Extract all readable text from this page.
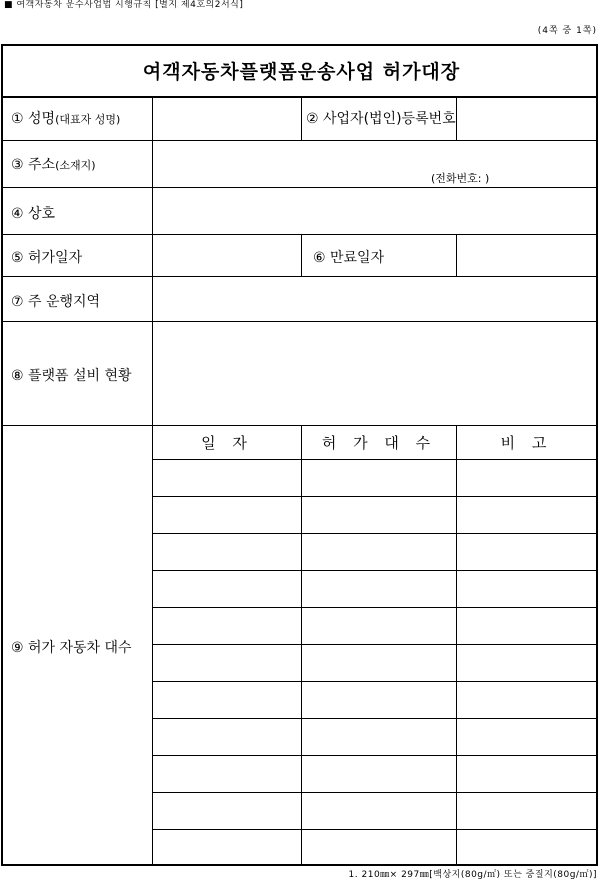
■ 여객자동차 운수사업법 시행규칙 [별지 제4호의2서식]
(4쪽 중 1쪽)
여객자동차플랫폼운송사업 허가대장
① 성명(대표자 성명)	② 사업자(법인)등록번호
③ 주소(소재지)
(전화번호: )
④ 상호
⑤ 허가일자	⑥ 만료일자
⑦ 주 운행지역
⑧ 플랫폼 설비 현황
⑨ 허가 자동차 대수
일 자	허 가 대 수	비 고
1. 210㎜× 297㎜[백상지(80g/㎡) 또는 중질지(80g/㎡)]
